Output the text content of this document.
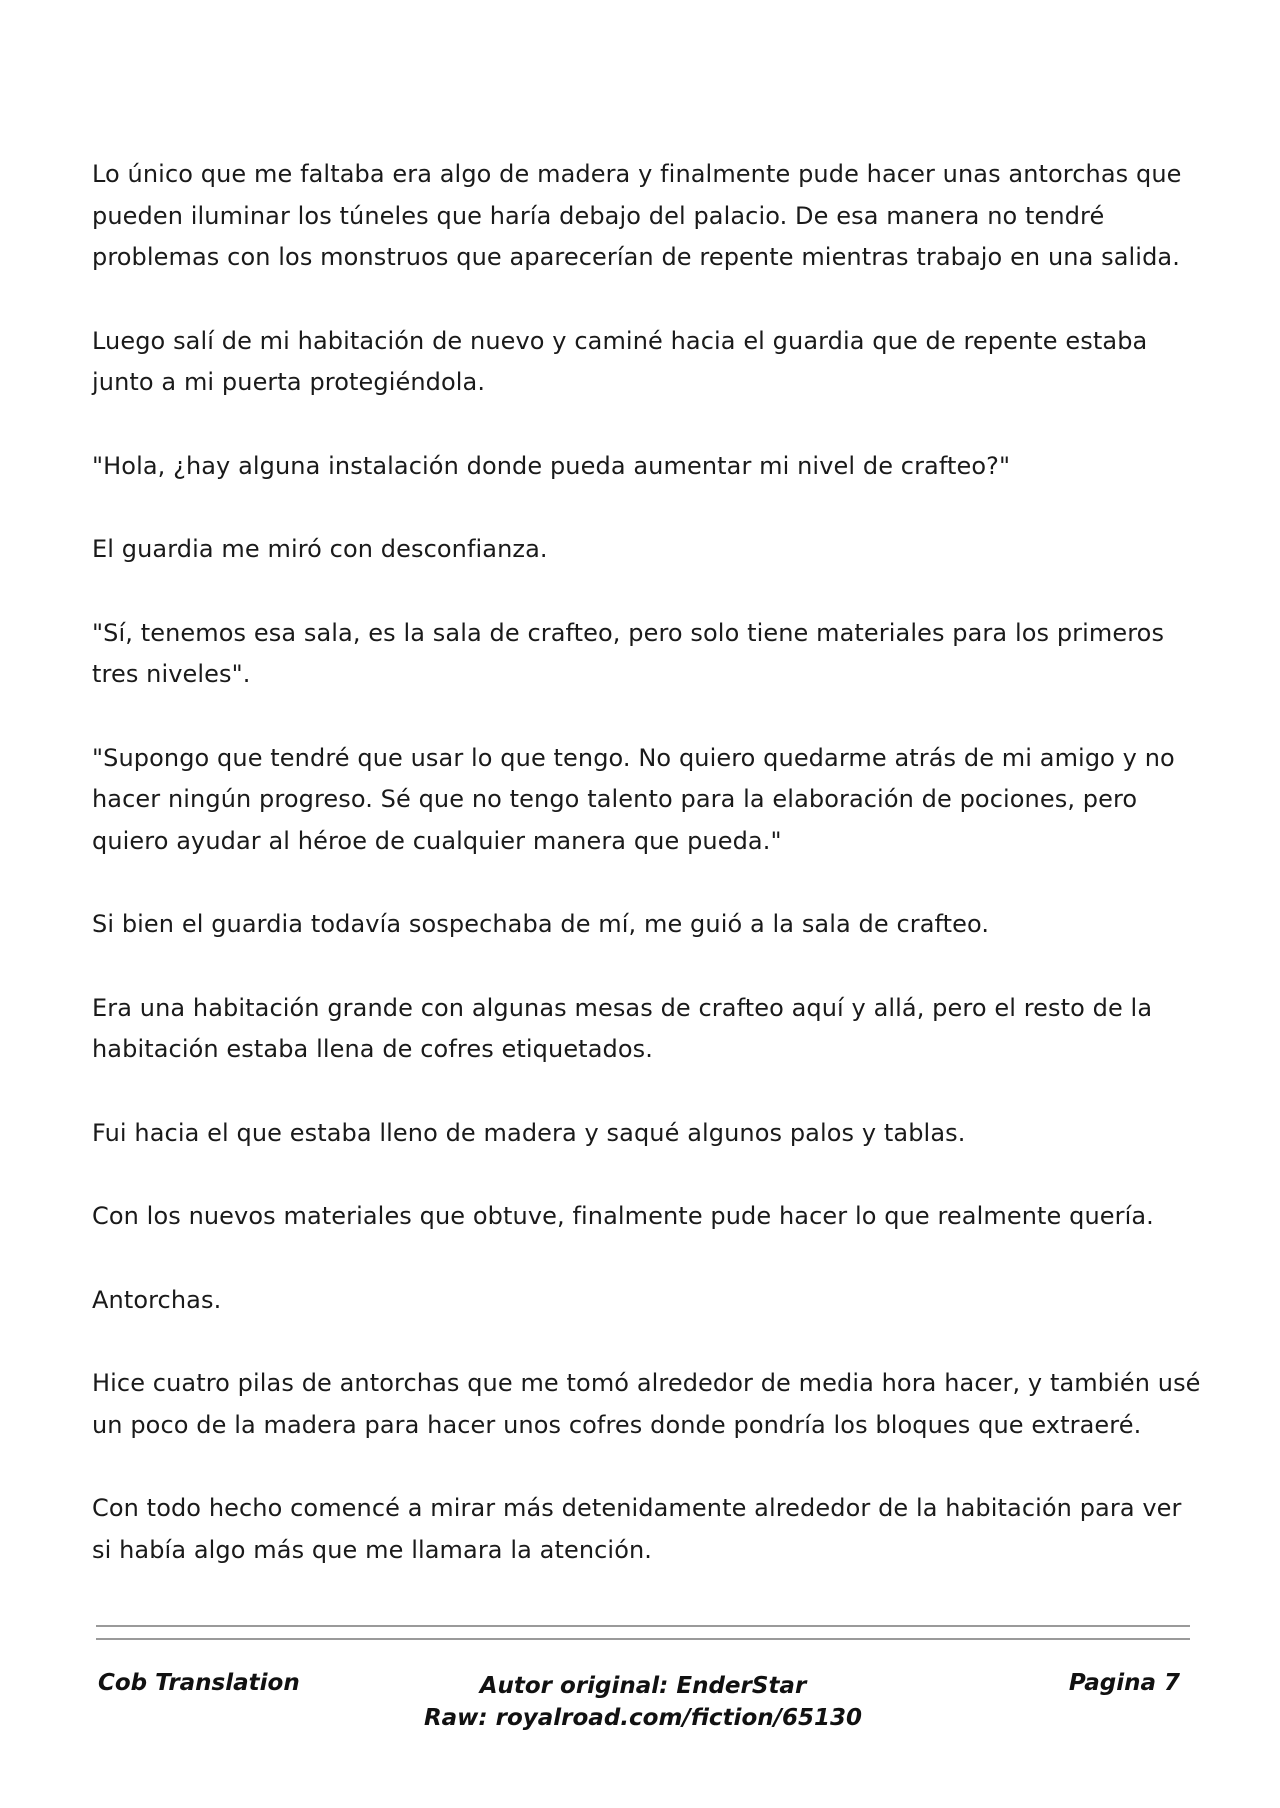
Lo único que me faltaba era algo de madera y finalmente pude hacer unas antorchas que pueden iluminar los túneles que haría debajo del palacio. De esa manera no tendré problemas con los monstruos que aparecerían de repente mientras trabajo en una salida.

Luego salí de mi habitación de nuevo y caminé hacia el guardia que de repente estaba junto a mi puerta protegiéndola.

"Hola, ¿hay alguna instalación donde pueda aumentar mi nivel de crafteo?"

El guardia me miró con desconfianza.

"Sí, tenemos esa sala, es la sala de crafteo, pero solo tiene materiales para los primeros tres niveles".

"Supongo que tendré que usar lo que tengo. No quiero quedarme atrás de mi amigo y no hacer ningún progreso. Sé que no tengo talento para la elaboración de pociones, pero quiero ayudar al héroe de cualquier manera que pueda."

Si bien el guardia todavía sospechaba de mí, me guió a la sala de crafteo.

Era una habitación grande con algunas mesas de crafteo aquí y allá, pero el resto de la habitación estaba llena de cofres etiquetados.

Fui hacia el que estaba lleno de madera y saqué algunos palos y tablas.

Con los nuevos materiales que obtuve, finalmente pude hacer lo que realmente quería.

Antorchas.

Hice cuatro pilas de antorchas que me tomó alrededor de media hora hacer, y también usé un poco de la madera para hacer unos cofres donde pondría los bloques que extraeré.

Con todo hecho comencé a mirar más detenidamente alrededor de la habitación para ver si había algo más que me llamara la atención.

Cob Translation	Autor original: EnderStar
Raw: royalroad.com/fiction/65130
Pagina 7
